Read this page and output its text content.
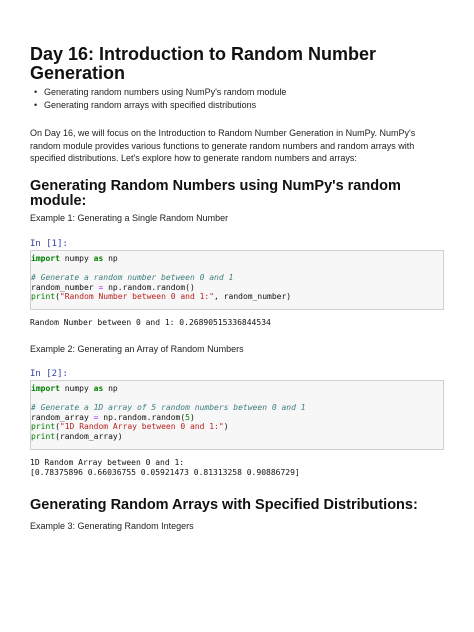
Day 16: Introduction to Random Number Generation
• Generating random numbers using NumPy's random module
• Generating random arrays with specified distributions
On Day 16, we will focus on the Introduction to Random Number Generation in NumPy. NumPy's random module provides various functions to generate random numbers and random arrays with specified distributions. Let's explore how to generate random numbers and arrays:
Generating Random Numbers using NumPy's random module:
Example 1: Generating a Single Random Number
In [1]:
import numpy as np

# Generate a random number between 0 and 1
random_number = np.random.random()
print("Random Number between 0 and 1:", random_number)
Random Number between 0 and 1: 0.26890515336844534
Example 2: Generating an Array of Random Numbers
In [2]:
import numpy as np

# Generate a 1D array of 5 random numbers between 0 and 1
random_array = np.random.random(5)
print("1D Random Array between 0 and 1:")
print(random_array)
1D Random Array between 0 and 1:
[0.78375896 0.66036755 0.05921473 0.81313258 0.90886729]
Generating Random Arrays with Specified Distributions:
Example 3: Generating Random Integers
